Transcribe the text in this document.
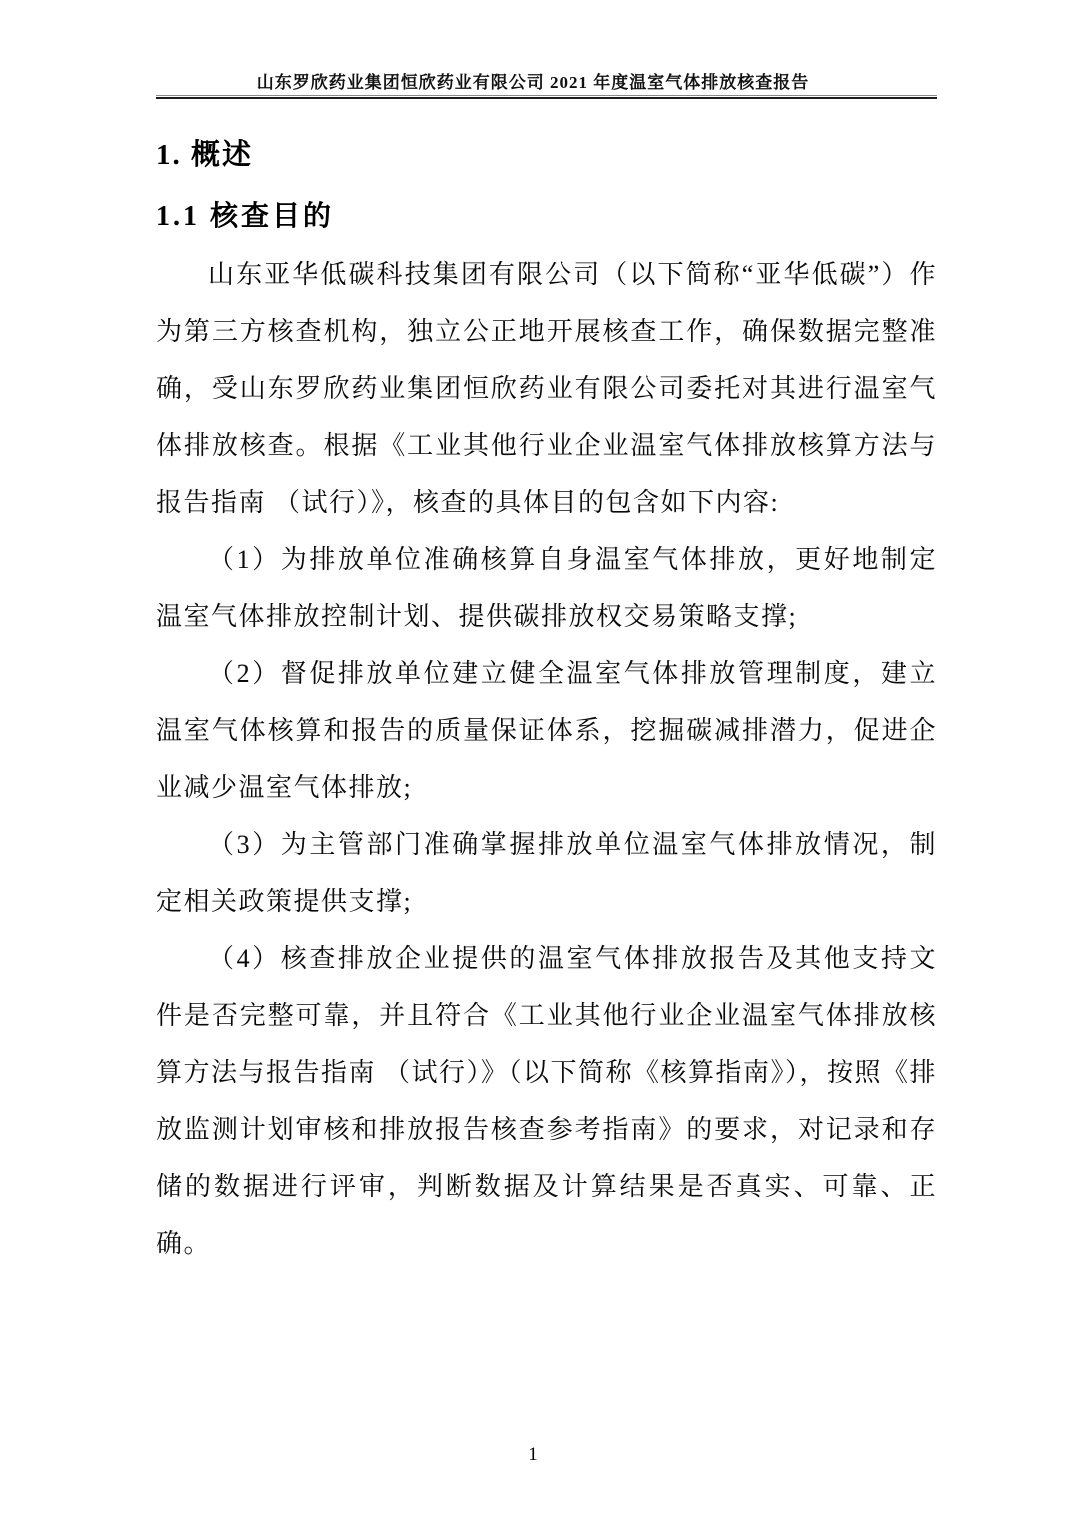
山东罗欣药业集团恒欣药业有限公司 2021 年度温室气体排放核查报告
1. 概述
1.1 核查目的

山东亚华低碳科技集团有限公司（以下简称“亚华低碳”）作为第三方核查机构，独立公正地开展核查工作，确保数据完整准确，受山东罗欣药业集团恒欣药业有限公司委托对其进行温室气体排放核查。根据《工业其他行业企业温室气体排放核算方法与报告指南 （试行）》，核查的具体目的包含如下内容:

（1）为排放单位准确核算自身温室气体排放，更好地制定温室气体排放控制计划、提供碳排放权交易策略支撑;

（2）督促排放单位建立健全温室气体排放管理制度，建立温室气体核算和报告的质量保证体系，挖掘碳减排潜力，促进企业减少温室气体排放;

（3）为主管部门准确掌握排放单位温室气体排放情况，制定相关政策提供支撑;

（4）核查排放企业提供的温室气体排放报告及其他支持文件是否完整可靠，并且符合《工业其他行业企业温室气体排放核算方法与报告指南 （试行）》（以下简称《核算指南》），按照《排放监测计划审核和排放报告核查参考指南》的要求，对记录和存储的数据进行评审，判断数据及计算结果是否真实、可靠、正确。

1
